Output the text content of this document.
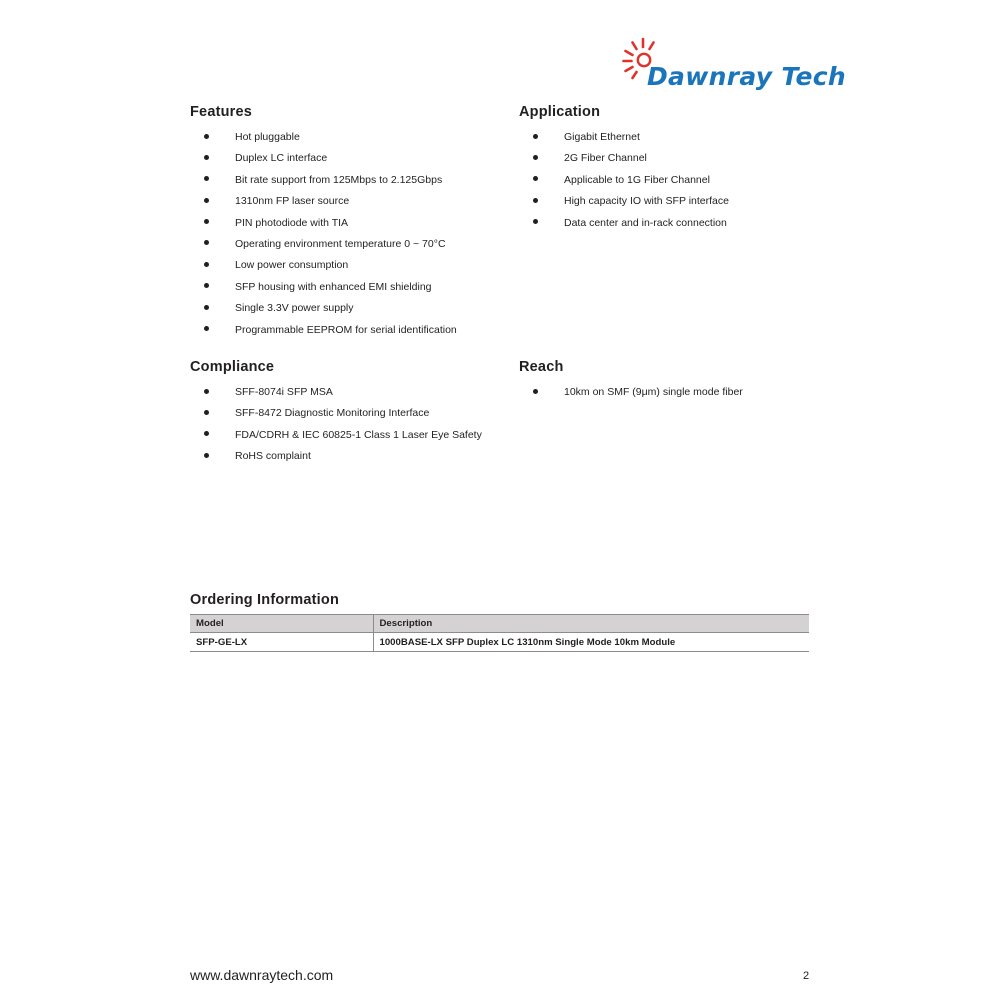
Dawnray Tech
Features
Hot pluggable
Duplex LC interface
Bit rate support from 125Mbps to 2.125Gbps
1310nm FP laser source
PIN photodiode with TIA
Operating environment temperature 0 ~ 70°C
Low power consumption
SFP housing with enhanced EMI shielding
Single 3.3V power supply
Programmable EEPROM for serial identification
Application
Gigabit Ethernet
2G Fiber Channel
Applicable to 1G Fiber Channel
High capacity IO with SFP interface
Data center and in-rack connection
Compliance
SFF-8074i SFP MSA
SFF-8472 Diagnostic Monitoring Interface
FDA/CDRH & IEC 60825-1 Class 1 Laser Eye Safety
RoHS complaint
Reach
10km on SMF (9μm) single mode fiber
Ordering Information
Model	Description
SFP-GE-LX	1000BASE-LX SFP Duplex LC 1310nm Single Mode 10km Module
www.dawnraytech.com	2
